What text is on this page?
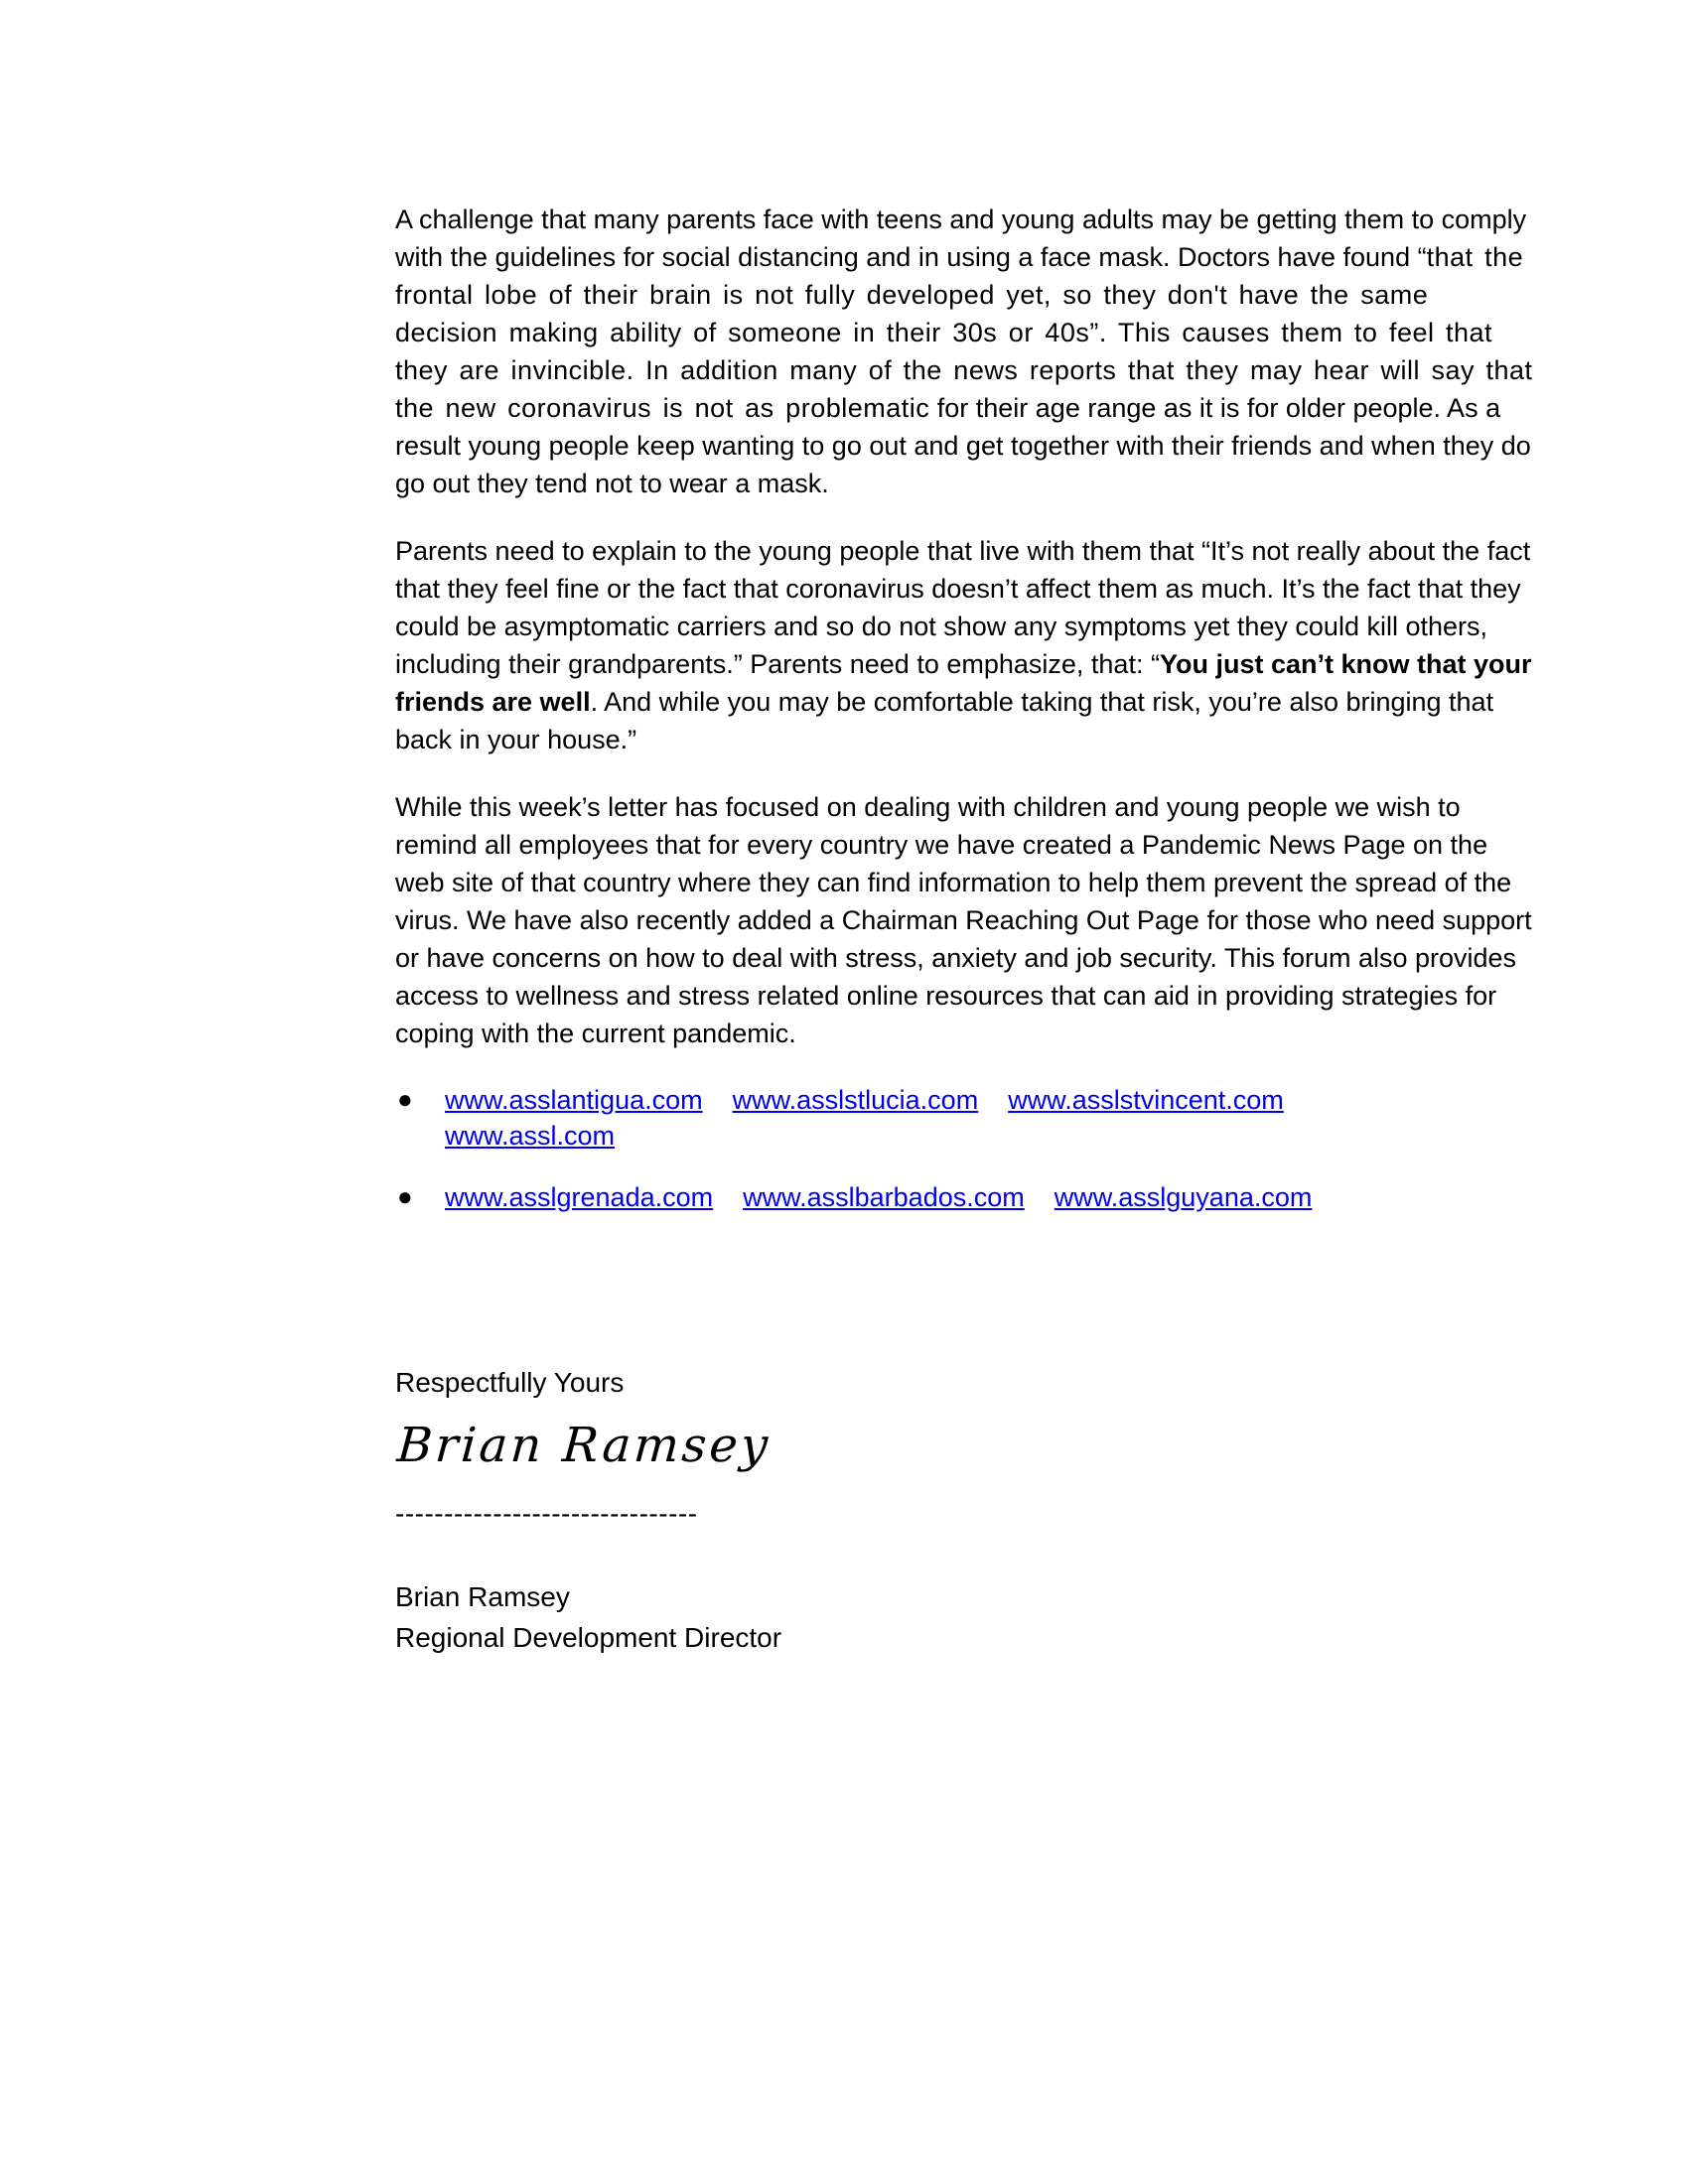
A challenge that many parents face with teens and young adults may be getting them to comply with the guidelines for social distancing and in using a face mask. Doctors have found “that the frontal lobe of their brain is not fully developed yet, so they don't have the same decision making ability of someone in their 30s or 40s”. This causes them to feel that they are invincible. In addition many of the news reports that they may hear will say that the new coronavirus is not as problematic for their age range as it is for older people. As a result young people keep wanting to go out and get together with their friends and when they do go out they tend not to wear a mask.

Parents need to explain to the young people that live with them that “It’s not really about the fact that they feel fine or the fact that coronavirus doesn’t affect them as much. It’s the fact that they could be asymptomatic carriers and so do not show any symptoms yet they could kill others, including their grandparents.” Parents need to emphasize, that: “You just can’t know that your friends are well. And while you may be comfortable taking that risk, you’re also bringing that back in your house.”

While this week’s letter has focused on dealing with children and young people we wish to remind all employees that for every country we have created a Pandemic News Page on the web site of that country where they can find information to help them prevent the spread of the virus. We have also recently added a Chairman Reaching Out Page for those who need support or have concerns on how to deal with stress, anxiety and job security. This forum also provides access to wellness and stress related online resources that can aid in providing strategies for coping with the current pandemic.

● www.asslantigua.com www.asslstlucia.com www.asslstvincent.com
www.assl.com
● www.asslgrenada.com www.asslbarbados.com www.asslguyana.com

Respectfully Yours

Brian Ramsey

-------------------------------

Brian Ramsey

Regional Development Director
